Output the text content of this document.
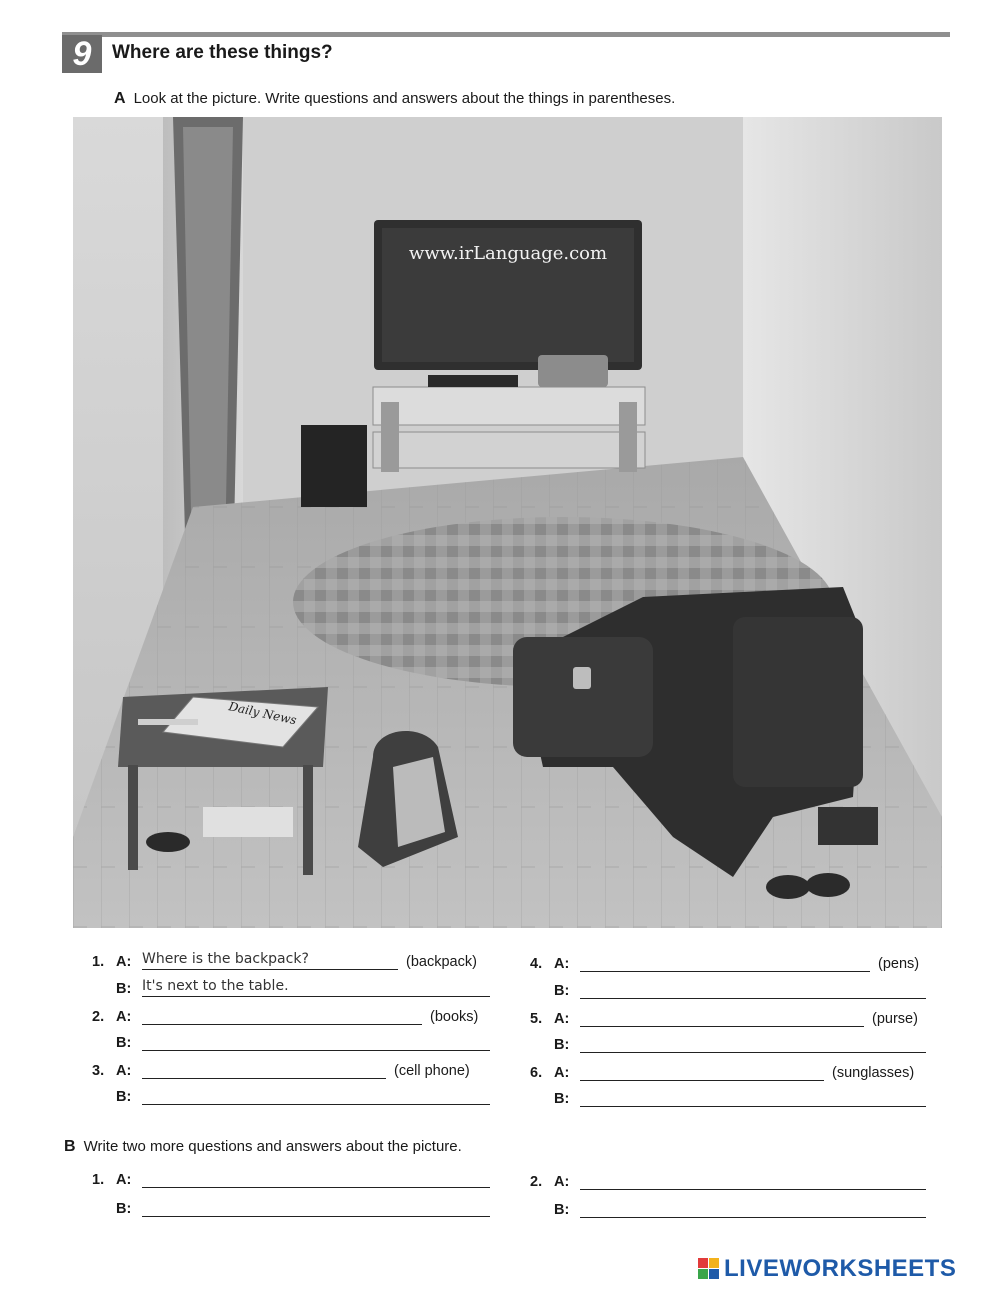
9	Where are these things?
A Look at the picture. Write questions and answers about the things in parentheses.
www.irLanguage.com
Daily News
1. A: Where is the backpack?	(backpack)
B: It's next to the table.
2. A:	(books)
B:
3. A:	(cell phone)
B:
4. A:	(pens)
B:
5. A:	(purse)
B:
6. A:	(sunglasses)
B:
B Write two more questions and answers about the picture.
1. A:
B:
2. A:
B:
LIVEWORKSHEETS
